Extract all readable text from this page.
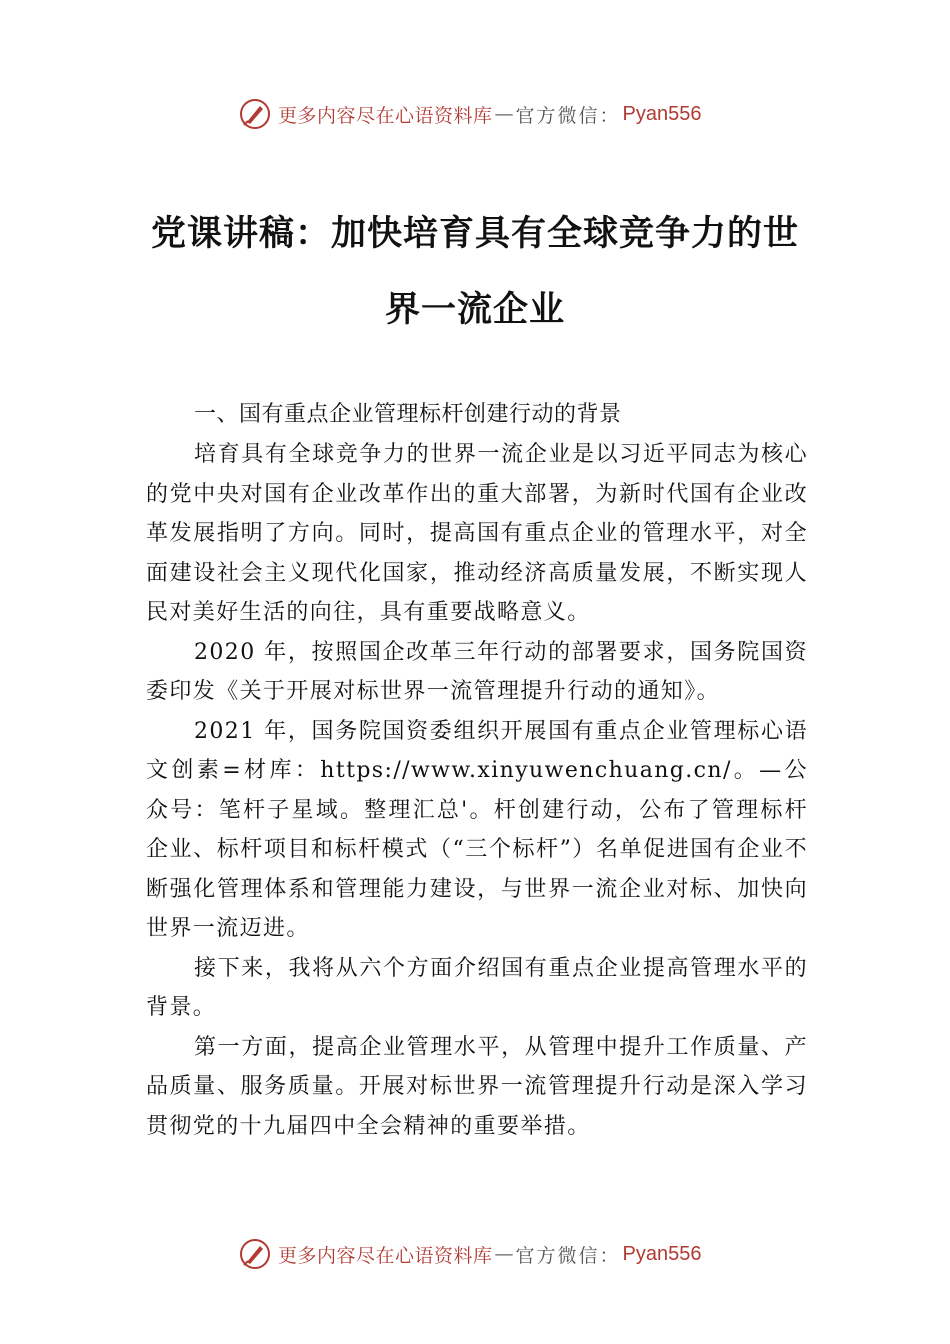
更多内容尽在心语资料库 — 官方微信： Pyan556
党课讲稿：加快培育具有全球竞争力的世界一流企业

一、国有重点企业管理标杆创建行动的背景

培育具有全球竞争力的世界一流企业是以习近平同志为核心的党中央对国有企业改革作出的重大部署，为新时代国有企业改革发展指明了方向。同时，提高国有重点企业的管理水平，对全面建设社会主义现代化国家，推动经济高质量发展，不断实现人民对美好生活的向往，具有重要战略意义。

2020 年，按照国企改革三年行动的部署要求，国务院国资委印发《关于开展对标世界一流管理提升行动的通知》。

2021 年，国务院国资委组织开展国有重点企业管理标心语文创素=材库：https://www.xinyuwenchuang.cn/。—公众号：笔杆子星域。整理汇总'。杆创建行动，公布了管理标杆企业、标杆项目和标杆模式（“三个标杆”）名单促进国有企业不断强化管理体系和管理能力建设，与世界一流企业对标、加快向世界一流迈进。

接下来，我将从六个方面介绍国有重点企业提高管理水平的背景。

第一方面，提高企业管理水平，从管理中提升工作质量、产品质量、服务质量。开展对标世界一流管理提升行动是深入学习贯彻党的十九届四中全会精神的重要举措。

更多内容尽在心语资料库 — 官方微信： Pyan556
